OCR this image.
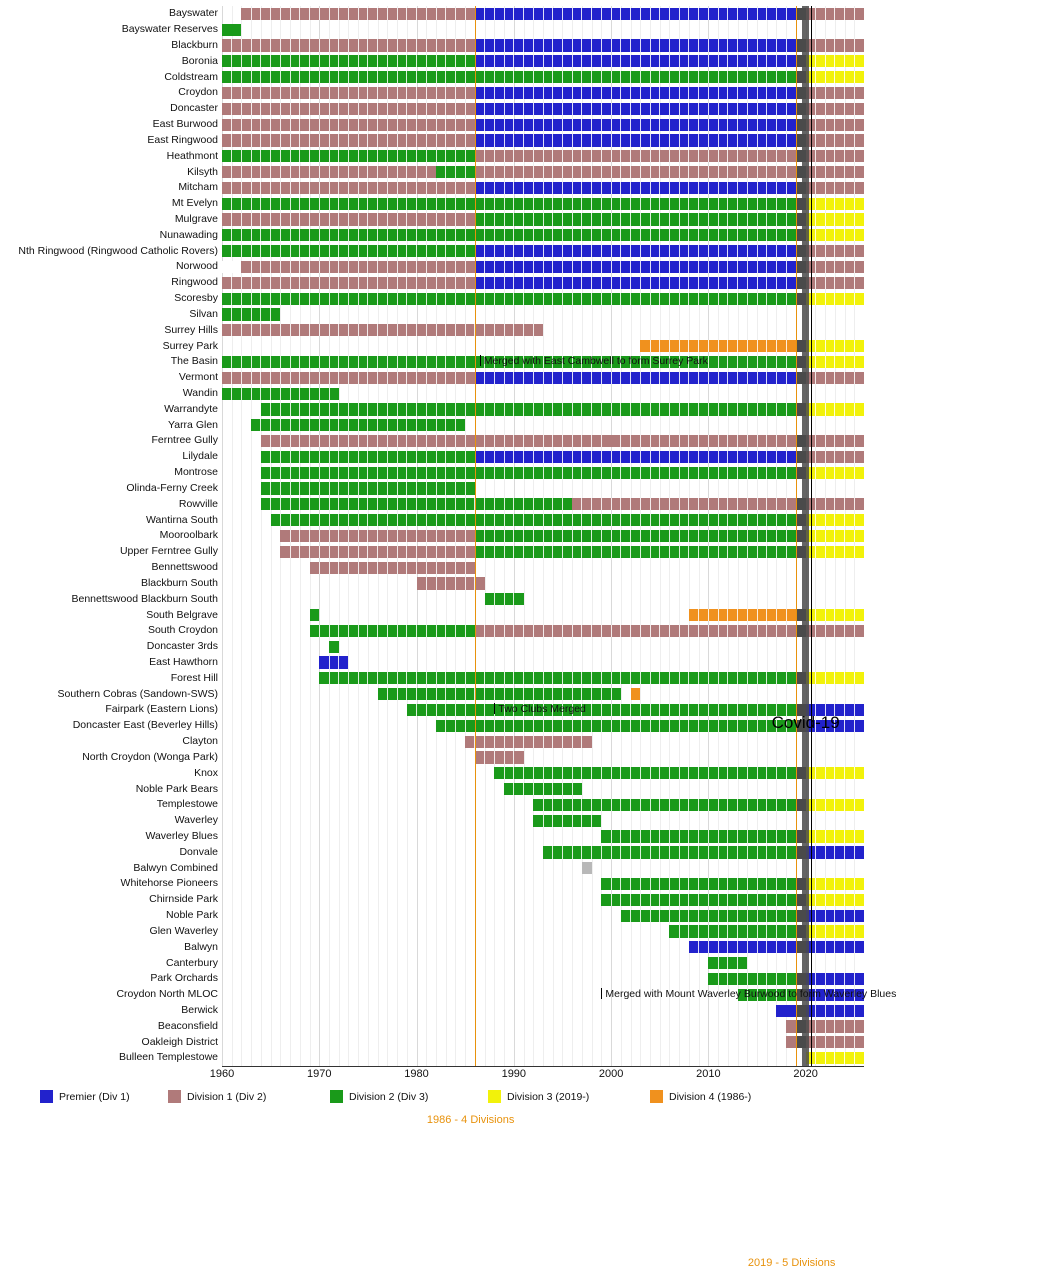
Bayswater
Bayswater Reserves
Blackburn
Boronia
Coldstream
Croydon
Doncaster
East Burwood
East Ringwood
Heathmont
Kilsyth
Mitcham
Mt Evelyn
Mulgrave
Nunawading
Nth Ringwood (Ringwood Catholic Rovers)
Norwood
Ringwood
Scoresby
Silvan
Surrey Hills
Surrey Park
The Basin
Vermont
Wandin
Warrandyte
Yarra Glen
Ferntree Gully
Lilydale
Montrose
Olinda-Ferny Creek
Rowville
Wantirna South
Mooroolbark
Upper Ferntree Gully
Bennettswood
Blackburn South
Bennettswood Blackburn South
South Belgrave
South Croydon
Doncaster 3rds
East Hawthorn
Forest Hill
Southern Cobras (Sandown-SWS)
Fairpark (Eastern Lions)
Doncaster East (Beverley Hills)
Clayton
North Croydon (Wonga Park)
Knox
Noble Park Bears
Templestowe
Waverley
Waverley Blues
Donvale
Balwyn Combined
Whitehorse Pioneers
Chirnside Park
Noble Park
Glen Waverley
Balwyn
Canterbury
Park Orchards
Croydon North MLOC
Berwick
Beaconsfield
Oakleigh District
Bulleen Templestowe
1960	1970	1980	1990	2000	2010	2020
Merged with East Cambwell to form Surrey Park
Two Clubs Merged
Merged with Mount Waverley Burwood to form Waverley Blues
Covid-19
1986 - 4 Divisions
2019 - 5 Divisions
Premier (Div 1)	Division 1 (Div 2)	Division 2 (Div 3)	Division 3 (2019-)	Division 4 (1986-)
